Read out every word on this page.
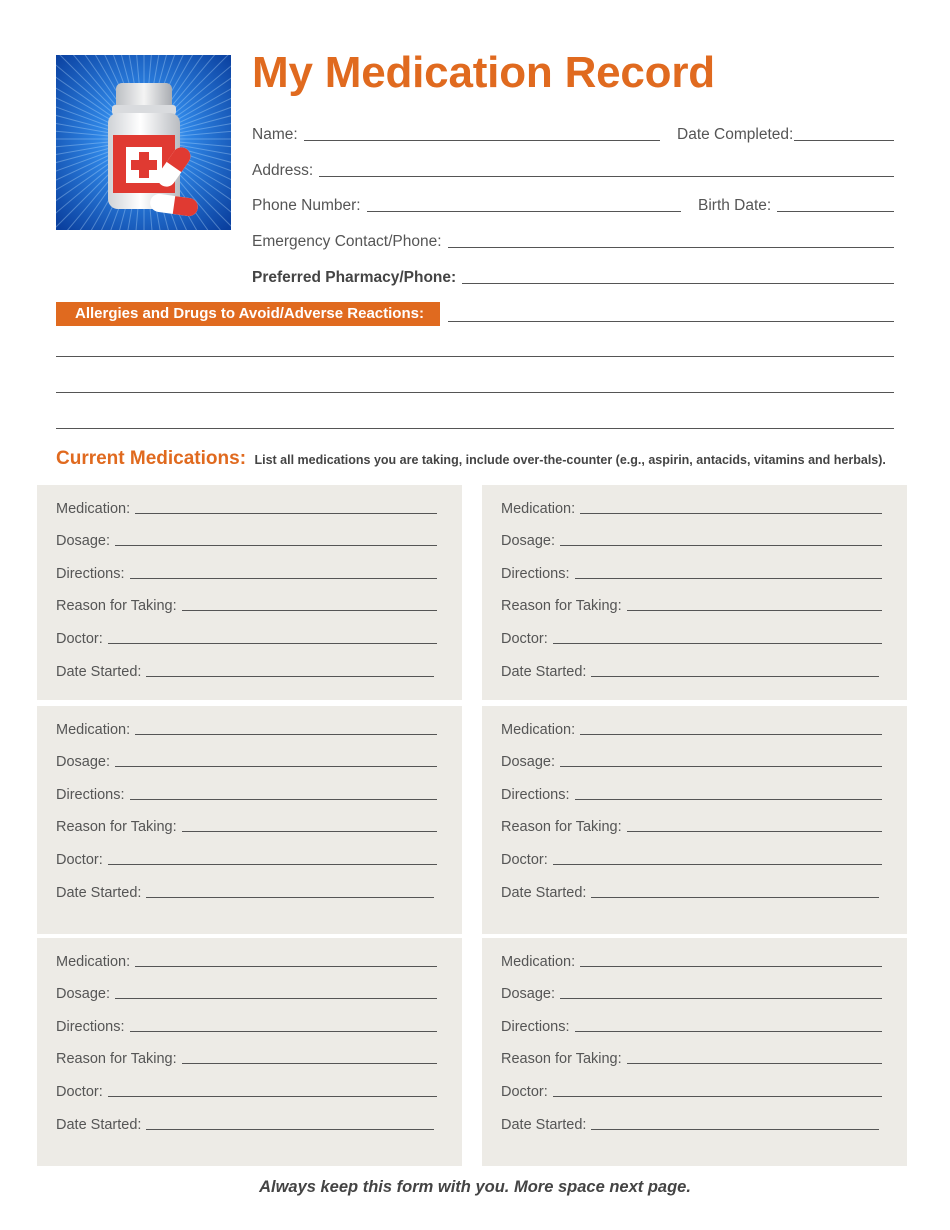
My Medication Record
Name:	Date Completed:
Address:
Phone Number:	Birth Date:
Emergency Contact/Phone:
Preferred Pharmacy/Phone:
Allergies and Drugs to Avoid/Adverse Reactions:
Current Medications: List all medications you are taking, include over-the-counter (e.g., aspirin, antacids, vitamins and herbals).
Medication:
Dosage:
Directions:
Reason for Taking:
Doctor:
Date Started:
Medication:
Dosage:
Directions:
Reason for Taking:
Doctor:
Date Started:
Medication:
Dosage:
Directions:
Reason for Taking:
Doctor:
Date Started:
Medication:
Dosage:
Directions:
Reason for Taking:
Doctor:
Date Started:
Medication:
Dosage:
Directions:
Reason for Taking:
Doctor:
Date Started:
Medication:
Dosage:
Directions:
Reason for Taking:
Doctor:
Date Started:
Always keep this form with you. More space next page.
